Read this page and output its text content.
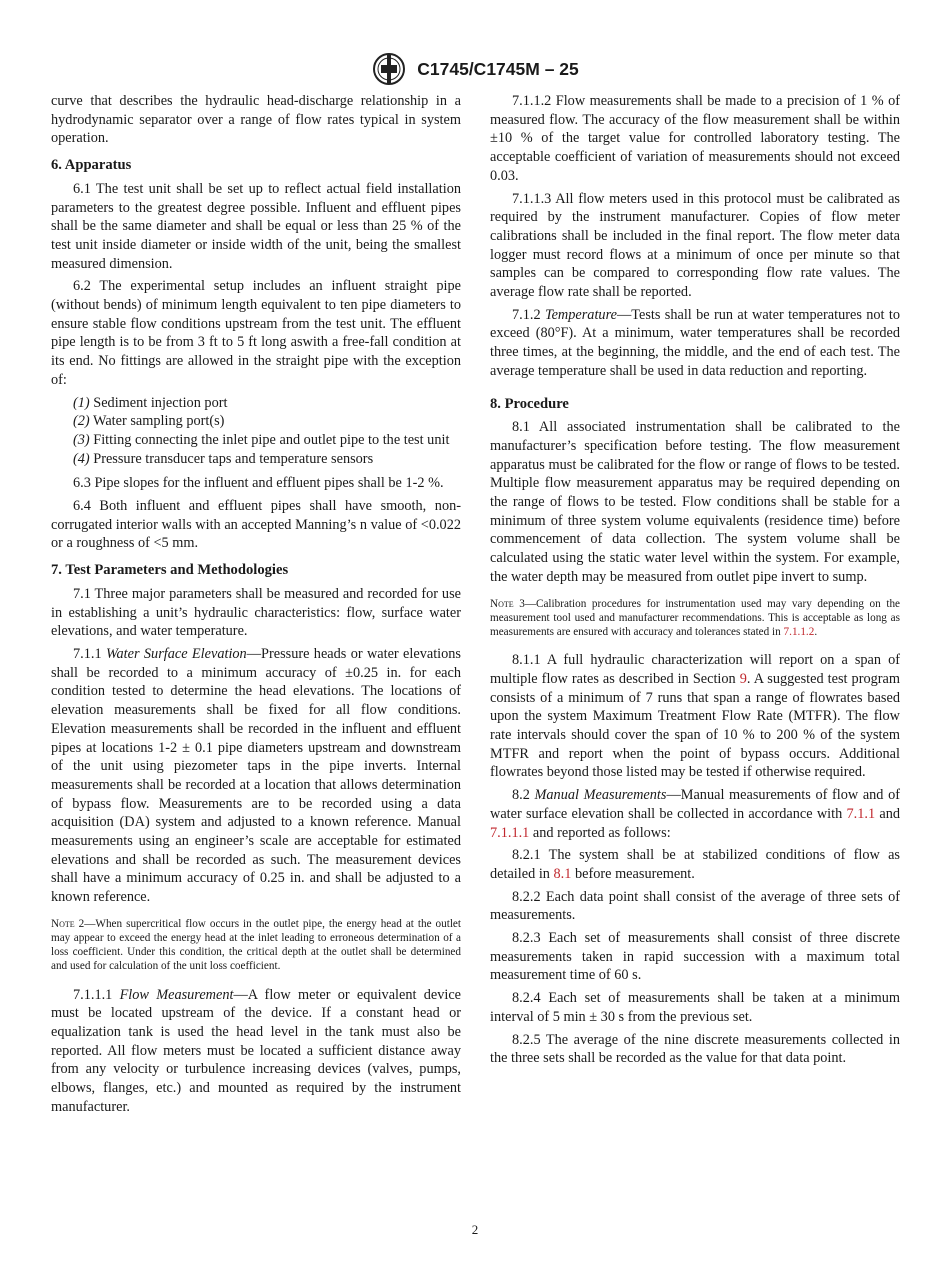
C1745/C1745M – 25

curve that describes the hydraulic head-discharge relationship in a hydrodynamic separator over a range of flow rates typical in system operation.

6. Apparatus

6.1 The test unit shall be set up to reflect actual field installation parameters to the greatest degree possible. Influent and effluent pipes shall be the same diameter and shall be equal or less than 25 % of the test unit inside diameter or inside width of the unit, being the smallest measured dimension.

6.2 The experimental setup includes an influent straight pipe (without bends) of minimum length equivalent to ten pipe diameters to ensure stable flow conditions upstream from the test unit. The effluent pipe length is to be from 3 ft to 5 ft long aswith a free-fall condition at its end. No fittings are allowed in the straight pipe with the exception of:

(1) Sediment injection port
(2) Water sampling port(s)
(3) Fitting connecting the inlet pipe and outlet pipe to the test unit
(4) Pressure transducer taps and temperature sensors

6.3 Pipe slopes for the influent and effluent pipes shall be 1-2 %.

6.4 Both influent and effluent pipes shall have smooth, non-corrugated interior walls with an accepted Manning’s n value of <0.022 or a roughness of <5 mm.

7. Test Parameters and Methodologies

7.1 Three major parameters shall be measured and recorded for use in establishing a unit’s hydraulic characteristics: flow, surface water elevations, and water temperature.

7.1.1 Water Surface Elevation—Pressure heads or water elevations shall be recorded to a minimum accuracy of ±0.25 in. for each condition tested to determine the head elevations. The locations of elevation measurements shall be fixed for all flow conditions. Elevation measurements shall be recorded in the influent and effluent pipes at locations 1-2 ± 0.1 pipe diameters upstream and downstream of the unit using piezometer taps in the pipe inverts. Internal measurements shall be recorded at a location that allows determination of bypass flow. Measurements are to be recorded using a data acquisition (DA) system and adjusted to a known reference. Manual measurements using an engineer’s scale are acceptable for estimated elevations and shall be recorded as such. The measurement devices shall have a minimum accuracy of 0.25 in. and shall be adjusted to a known reference.

Note 2—When supercritical flow occurs in the outlet pipe, the energy head at the outlet may appear to exceed the energy head at the inlet leading to erroneous determination of a loss coefficient. Under this condition, the critical depth at the outlet shall be determined and used for calculation of the unit loss coefficient.

7.1.1.1 Flow Measurement—A flow meter or equivalent device must be located upstream of the device. If a constant head or equalization tank is used the head level in the tank must also be reported. All flow meters must be located a sufficient distance away from any velocity or turbulence increasing devices (valves, pumps, elbows, flanges, etc.) and mounted as required by the instrument manufacturer.

7.1.1.2 Flow measurements shall be made to a precision of 1 % of measured flow. The accuracy of the flow measurement shall be within ±10 % of the target value for controlled laboratory testing. The acceptable coefficient of variation of measurements should not exceed 0.03.

7.1.1.3 All flow meters used in this protocol must be calibrated as required by the instrument manufacturer. Copies of flow meter calibrations shall be included in the final report. The flow meter data logger must record flows at a minimum of once per minute so that samples can be compared to corresponding flow rate values. The average flow rate shall be reported.

7.1.2 Temperature—Tests shall be run at water temperatures not to exceed (80°F). At a minimum, water temperatures shall be recorded three times, at the beginning, the middle, and the end of each test. The average temperature shall be used in data reduction and reporting.

8. Procedure

8.1 All associated instrumentation shall be calibrated to the manufacturer’s specification before testing. The flow measurement apparatus must be calibrated for the flow or range of flows to be tested. Multiple flow measurement apparatus may be required depending on the range of flows to be tested. Flow conditions shall be stable for a minimum of three system volume equivalents (residence time) before commencement of data collection. The system volume shall be calculated using the static water level within the system. For example, the water depth may be measured from outlet pipe invert to sump.

Note 3—Calibration procedures for instrumentation used may vary depending on the measurement tool used and manufacturer recommendations. This is acceptable as long as measurements are ensured with accuracy and tolerances stated in 7.1.1.2.

8.1.1 A full hydraulic characterization will report on a span of multiple flow rates as described in Section 9. A suggested test program consists of a minimum of 7 runs that span a range of flowrates based upon the system Maximum Treatment Flow Rate (MTFR). The flow rate intervals should cover the span of 10 % to 200 % of the system MTFR and report when the point of bypass occurs. Additional flowrates beyond those listed may be tested if otherwise required.

8.2 Manual Measurements—Manual measurements of flow and of water surface elevation shall be collected in accordance with 7.1.1 and 7.1.1.1 and reported as follows:

8.2.1 The system shall be at stabilized conditions of flow as detailed in 8.1 before measurement.

8.2.2 Each data point shall consist of the average of three sets of measurements.

8.2.3 Each set of measurements shall consist of three discrete measurements taken in rapid succession with a maximum total measurement time of 60 s.

8.2.4 Each set of measurements shall be taken at a minimum interval of 5 min ± 30 s from the previous set.

8.2.5 The average of the nine discrete measurements collected in the three sets shall be recorded as the value for that data point.

2
